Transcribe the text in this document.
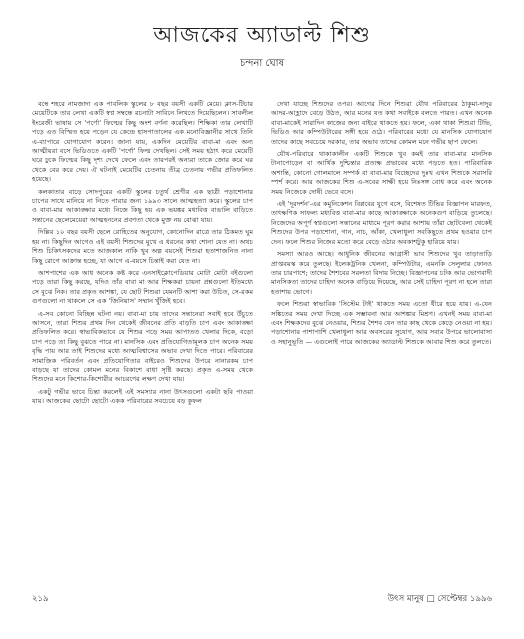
আজকের অ্যাডাল্ট শিশু
চন্দনা ঘোষ

বম্বে শহরে নামজাদা এক পাবলিক স্কুলের ৮ বছর বয়সী একটি মেয়ে। ক্লাস-টিচার মেয়েটিকে তার লেখা একটি স্বপ্ন সম্বন্ধে রচনাটা সাবিনে লিখতে দিয়েছিলেন। সাবলীল ইংরেজী ভাষায় সে 'পর্ণো' ফিল্মের কিছু অংশ বর্ণনা করেছিল। শিক্ষিকা তার লেখাটি পড়ে এত বিস্মিত হয়ে পড়েন যে কেন্দ্রে হাসপাতালের এক মনোবিজ্ঞানীর সাথে তিনি এ-ব্যাপারে যোগাযোগ করেন। জানা যায়, একদিন মেয়েটির বাবা-মা এবং অন্য আত্মীয়রা বসে ভিডিওতে একটি 'পর্ণো' ফিল্ম দেখছিল। সেই সময় হঠাৎ করে মেয়েটি ঘরে ঢুকে ফিল্মের কিছু দৃশ্য দেখে ফেলে এবং তারপরই অন্যরা তাকে জোর করে ঘর থেকে বের করে দেয়। ঐ ঘটনাই মেয়েটির চেতনায় তীব্র চেতনায় গভীর প্রতিফলিত হয়েছে।

কলকাতার বাড়ে সোদপুরের একটি স্কুলের চতুর্থ শ্রেণীর এক ছাত্রী পড়াশোনার চাপের সাথে মানিয়ে না নিতে পারার জন্য ১৯৯৩ সালে আত্মহত্যা করে। স্কুলের চাপ ও বাবা-মার আকাঙ্ক্ষার মধ্যে নিজে কিছু হয় এক ভয়ঙ্কর মধ্যবিত্ত বাঙালি বাড়িতে সন্তানের ছেলেমেয়েরা আত্মহননের প্রবণতা থেকে মুক্ত নয় বোঝা যায়।

দিল্লির ১০ বছর বয়সী ছেলে রোহিতের অনুযোগ, কোনোদিন রাত্রে তার ঠিকমত ঘুম হয় না। কিছুদিন আগেও এই বয়সী শিশুদের মুখে এ ধরনের কথা শোনা যেত না। অথচ শিশু চিকিৎসকদের মতে আজকাল নাকি খুব অল্প বয়সেই শিশুরা হতাশাজনিত নানা কিছু রোগে আক্রান্ত হচ্ছে, যা আগে এ-বয়সে চিন্তাই করা যেত না।

আশপাশের এক আধ অনেক কষ্ট করে এনসাইক্লোপেডিয়ার মোটা মোটা বইগুলো পড়ে তারা কিছু করছে, যদিও তাঁর বাবা মা আর শিক্ষকরা চায়না প্রশ্নগুলো ইতিমধ্যে সে বুঝে নিক। তার প্রকৃত আশঙ্কা, যে ছোট শিশুরা যেমনটি আশা করা উচিত, সে-রকম গুণগুলো না থাকলে সে এক 'জিনিয়াস' সম্মান খুঁজিই হবে।

এ-সব কোনো বিচ্ছিন্ন ঘটনা নয়। বাবা-মা চায় তাদের সন্তানেরা সবাই হবে উঁচুতে আসনে, তারা শিশুর প্রথম দিন থেকেই জীবনের প্রতি বাড়তি চাপ এবং আকাঙ্ক্ষা প্রতিফলিত করে। স্বাভাবিকভাবে যে শিশুর পড়ে সময় আপাতত খেলার দিকে, বড়ো চাপ পড়ে তা কিছু বুঝতে পারে না। মানসিক এবং প্রতিযোগিতামূলক চাপ অনেক সময় বৃদ্ধি পায় আর তাই শিশুদের মধ্যে আত্মবিশ্বাসের অভাব দেখা দিতে পারে। পরিবারের সামাজিক পরিবর্তন এবং প্রতিযোগিতার বাইরেও শিশুদের উপরে নানারকম চাপ বাড়ছে যা তাদের কোমল মনের বিকাশে বাধা সৃষ্টি করছে। প্রকৃত এ-সময় থেকে শিশুদের মনে কিশোর-কিশোরীর আচরণের লক্ষণ দেখা যায়।

একটু গভীর ভাবে চিন্তা করলেই এই সমস্যার নানা উৎসগুলো একটা ছবি পাওয়া যায়। আজকের ছোটো ছোটো একক পরিবারের সবচেয়ে বড় কুফল

দেখা যাচ্ছে শিশুদের ওপর। আগের দিনে শিশুরা যৌথ পরিবারের ঠাকুমা-দাদুর আদর-আহ্লাদে বেড়ে উঠত, আর মনের যত কথা সবাইকে বলতে পারত। এখন অনেক বাবা-মাকেই সারাদিন কাজের জন্য বাইরে থাকতে হয়। ফলে, একা থাকা শিশুরা টিভি, ভিডিও আর কম্পিউটারের সঙ্গী হয়ে ওঠে। পরিবারের মধ্যে যে মানসিক যোগাযোগ তাদের কাছে সবচেয়ে দরকার, তার অভাব তাদের কোমল মনে গভীর ছাপ ফেলে।

যৌথ-পরিবারে থাকাকালীন একটি শিশুকে খুব কমই তার বাবা-মার মানসিক টানাপোড়েন বা আর্থিক দুশ্চিন্তার প্রত্যক্ষ প্রভাবের মধ্যে পড়তে হত। পারিবারিক অশান্তি, কোনো গোলমালে সম্পর্ক বা বাবা-মার বিচ্ছেদের দুঃখ এখন শিশুকে সরাসরি স্পর্শ করে। আর আজকের শিশু এ-সবের সাক্ষী হয়ে নিঃসঙ্গ বোধ করে এবং অনেক সময় নিজেকে দোষী ভেবে বসে।

এই 'দূরদর্শন'-এর কমুনিকেশন বিপ্লবের যুগে বসে, বিশেষত টিভির বিজ্ঞাপন মারফত, তাৎক্ষণিক সাফল্য মধ্যবিত্ত বাবা-মার কাছে আকাঙ্ক্ষাকে অনেকগুণ বাড়িয়ে তুলেছে। নিজেদের অপূর্ণ স্বপ্নগুলো সন্তানের মাধ্যমে পূরণ করার আশায় তাঁরা ছোটবেলা থেকেই শিশুদের উপর পড়াশোনা, গান, নাচ, আঁকা, খেলাধুলা সবকিছুতে প্রথম হওয়ার চাপ দেন। ফলে শিশুর নিজের মতো করে বেড়ে ওঠার অবকাশটুকু হারিয়ে যায়।

সমস্যা আরও আছে। আধুনিক জীবনের আগ্রাসী ভাব শিশুদের খুব তাড়াতাড়ি প্রাপ্তবয়স্ক করে তুলছে। ইলেকট্রনিক খেলনা, কম্পিউটার, এমনকি সেলুলার ফোনও তার চারপাশে; তাদের শৈশবের সরলতা বিদায় নিচ্ছে। বিজ্ঞাপনের চটক আর ভোগবাদী মানসিকতা তাদের চাহিদা অনেক বাড়িয়ে দিয়েছে, আর সেই চাহিদা পূরণ না হলে তারা হতাশায় ভোগে।

ফলে শিশুরা স্বাভাবিক 'সিস্টেম টাই' থাকতে সময় এতো ধীরে হয়ে যায়। এ-যেন সঙ্কিতের সময় দেখা দিচ্ছে এক সম্ভাবনা আর আশঙ্কার মিশ্রণ। এখনই সময় বাবা-মা এবং শিক্ষকদের বুঝে নেওয়ার, শিশুর শৈশব যেন তার কাছ থেকে কেড়ে নেওয়া না হয়। পড়াশোনার পাশাপাশি খেলাধুলা আর অবসরের সুযোগ, আর সবার উপরে ভালোবাসা ও সহানুভূতি — এগুলোই পারে আজকের অ্যাডাল্ট শিশুকে আবার শিশু করে তুলতে।

২১৯	উৎস মানুষ □ সেপ্টেম্বর ১৯৯৬
